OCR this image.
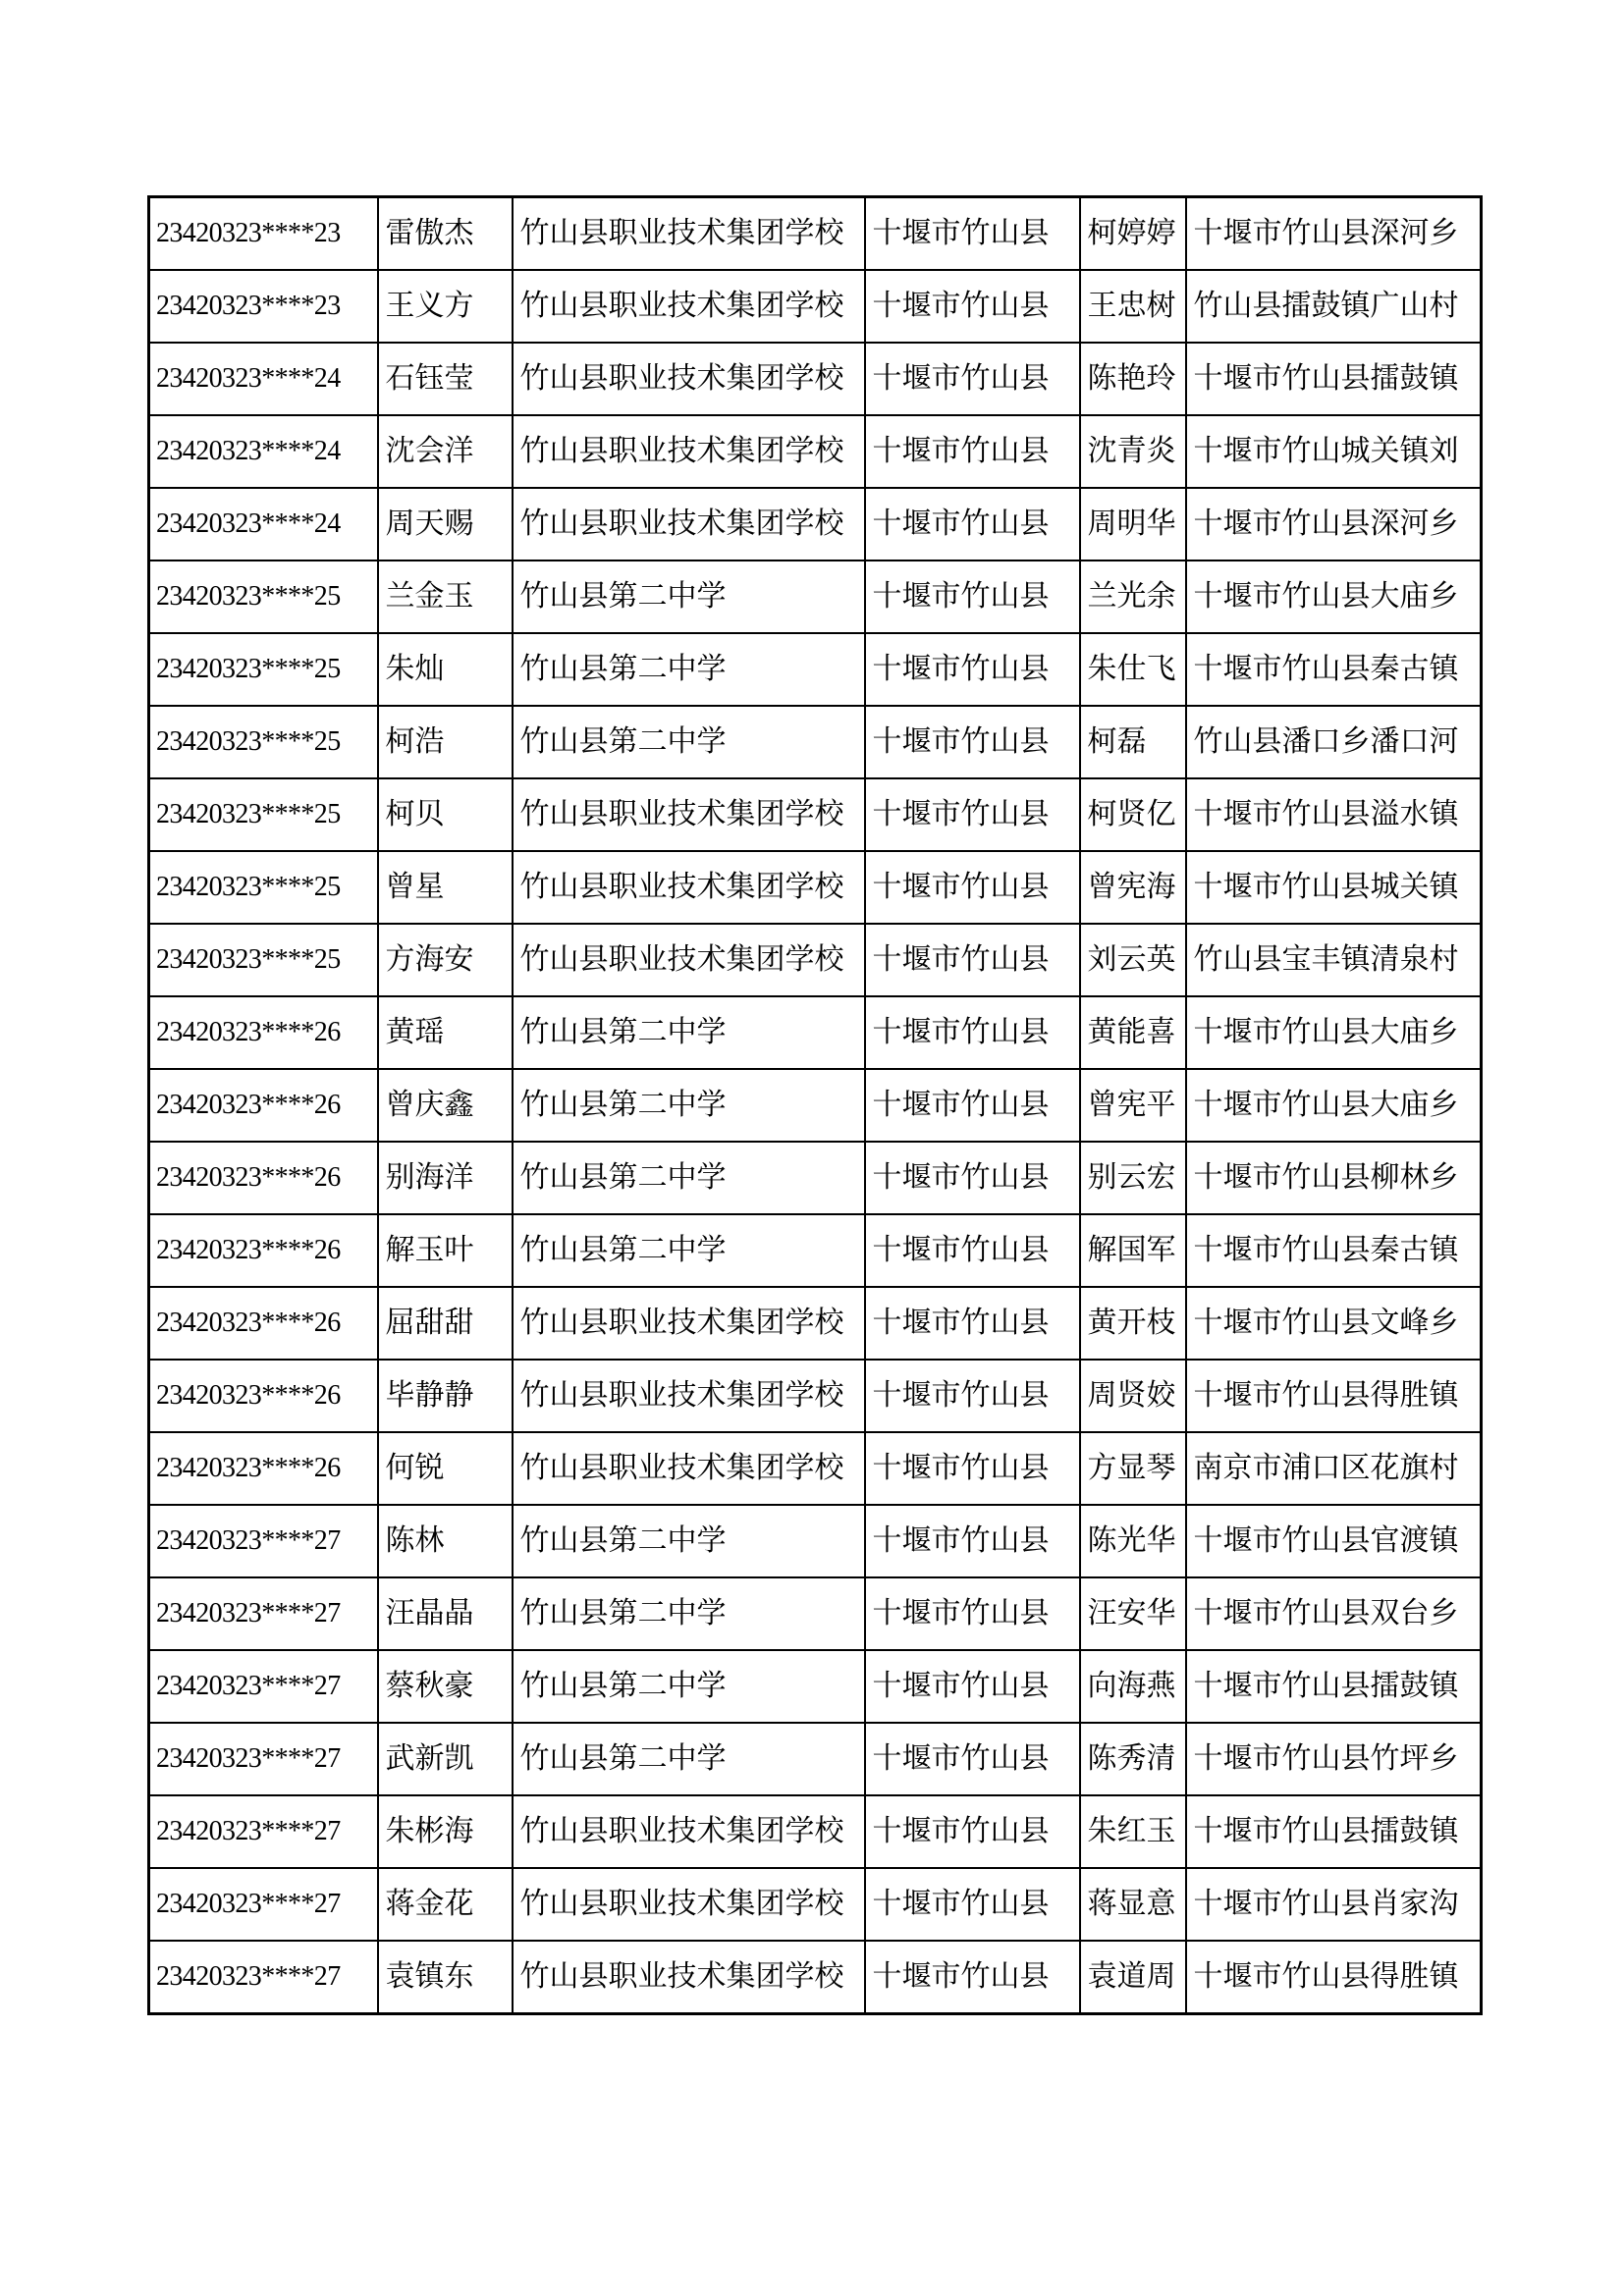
23420323****23	雷傲杰	竹山县职业技术集团学校	十堰市竹山县	柯婷婷	十堰市竹山县深河乡
23420323****23	王义方	竹山县职业技术集团学校	十堰市竹山县	王忠树	竹山县擂鼓镇广山村
23420323****24	石钰莹	竹山县职业技术集团学校	十堰市竹山县	陈艳玲	十堰市竹山县擂鼓镇
23420323****24	沈会洋	竹山县职业技术集团学校	十堰市竹山县	沈青炎	十堰市竹山城关镇刘
23420323****24	周天赐	竹山县职业技术集团学校	十堰市竹山县	周明华	十堰市竹山县深河乡
23420323****25	兰金玉	竹山县第二中学	十堰市竹山县	兰光余	十堰市竹山县大庙乡
23420323****25	朱灿	竹山县第二中学	十堰市竹山县	朱仕飞	十堰市竹山县秦古镇
23420323****25	柯浩	竹山县第二中学	十堰市竹山县	柯磊	竹山县潘口乡潘口河
23420323****25	柯贝	竹山县职业技术集团学校	十堰市竹山县	柯贤亿	十堰市竹山县溢水镇
23420323****25	曾星	竹山县职业技术集团学校	十堰市竹山县	曾宪海	十堰市竹山县城关镇
23420323****25	方海安	竹山县职业技术集团学校	十堰市竹山县	刘云英	竹山县宝丰镇清泉村
23420323****26	黄瑶	竹山县第二中学	十堰市竹山县	黄能喜	十堰市竹山县大庙乡
23420323****26	曾庆鑫	竹山县第二中学	十堰市竹山县	曾宪平	十堰市竹山县大庙乡
23420323****26	别海洋	竹山县第二中学	十堰市竹山县	别云宏	十堰市竹山县柳林乡
23420323****26	解玉叶	竹山县第二中学	十堰市竹山县	解国军	十堰市竹山县秦古镇
23420323****26	屈甜甜	竹山县职业技术集团学校	十堰市竹山县	黄开枝	十堰市竹山县文峰乡
23420323****26	毕静静	竹山县职业技术集团学校	十堰市竹山县	周贤姣	十堰市竹山县得胜镇
23420323****26	何锐	竹山县职业技术集团学校	十堰市竹山县	方显琴	南京市浦口区花旗村
23420323****27	陈林	竹山县第二中学	十堰市竹山县	陈光华	十堰市竹山县官渡镇
23420323****27	汪晶晶	竹山县第二中学	十堰市竹山县	汪安华	十堰市竹山县双台乡
23420323****27	蔡秋豪	竹山县第二中学	十堰市竹山县	向海燕	十堰市竹山县擂鼓镇
23420323****27	武新凯	竹山县第二中学	十堰市竹山县	陈秀清	十堰市竹山县竹坪乡
23420323****27	朱彬海	竹山县职业技术集团学校	十堰市竹山县	朱红玉	十堰市竹山县擂鼓镇
23420323****27	蒋金花	竹山县职业技术集团学校	十堰市竹山县	蒋显意	十堰市竹山县肖家沟
23420323****27	袁镇东	竹山县职业技术集团学校	十堰市竹山县	袁道周	十堰市竹山县得胜镇
